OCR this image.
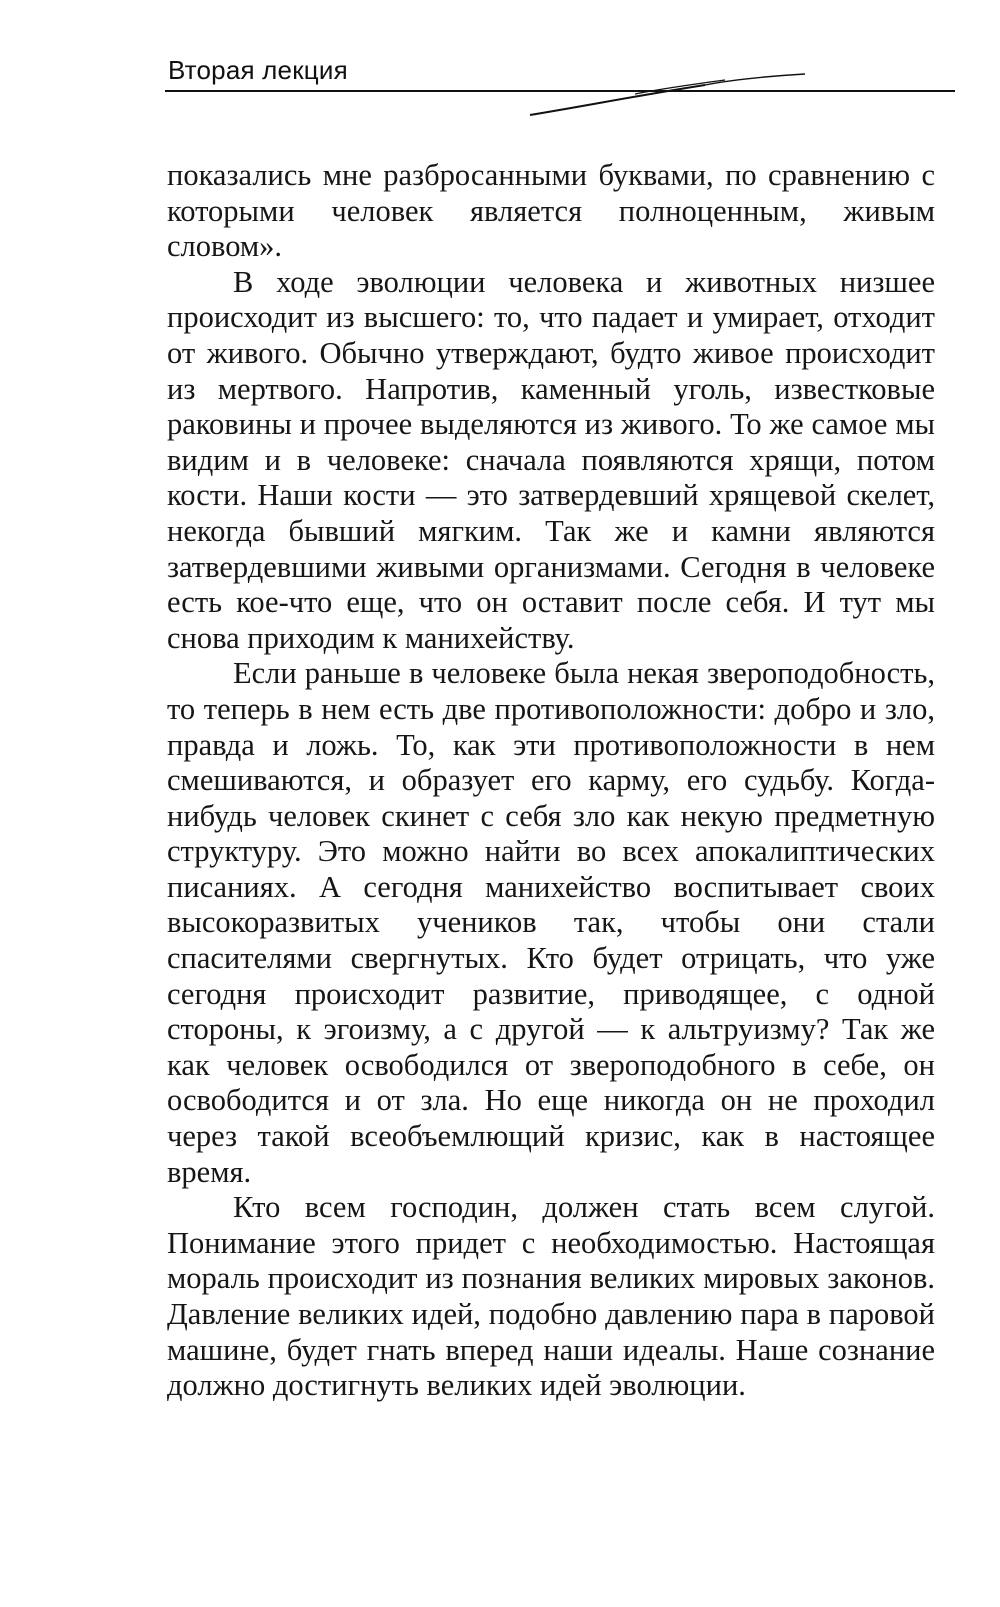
Вторая лекция

показались мне разбросанными буквами, по сравнению с которыми человек является полноценным, живым словом».

В ходе эволюции человека и животных низшее происходит из высшего: то, что падает и умирает, отходит от живого. Обычно утверждают, будто живое происходит из мертвого. Напротив, каменный уголь, известковые раковины и прочее выделяются из живого. То же самое мы видим и в человеке: сначала появляются хрящи, потом кости. Наши кости — это затвердевший хрящевой скелет, некогда бывший мягким. Так же и камни являются затвердевшими живыми организмами. Сегодня в человеке есть кое-что еще, что он оставит после себя. И тут мы снова приходим к манихейству.

Если раньше в человеке была некая звероподобность, то теперь в нем есть две противоположности: добро и зло, правда и ложь. То, как эти противоположности в нем смешиваются, и образует его карму, его судьбу. Когда-нибудь человек скинет с себя зло как некую предметную структуру. Это можно найти во всех апокалиптических писаниях. А сегодня манихейство воспитывает своих высокоразвитых учеников так, чтобы они стали спасителями свергнутых. Кто будет отрицать, что уже сегодня происходит развитие, приводящее, с одной стороны, к эгоизму, а с другой — к альтруизму? Так же как человек освободился от звероподобного в себе, он освободится и от зла. Но еще никогда он не проходил через такой всеобъемлющий кризис, как в настоящее время.

Кто всем господин, должен стать всем слугой. Понимание этого придет с необходимостью. Настоящая мораль происходит из познания великих мировых законов. Давление великих идей, подобно давлению пара в паровой машине, будет гнать вперед наши идеалы. Наше сознание должно достигнуть великих идей эволюции.
